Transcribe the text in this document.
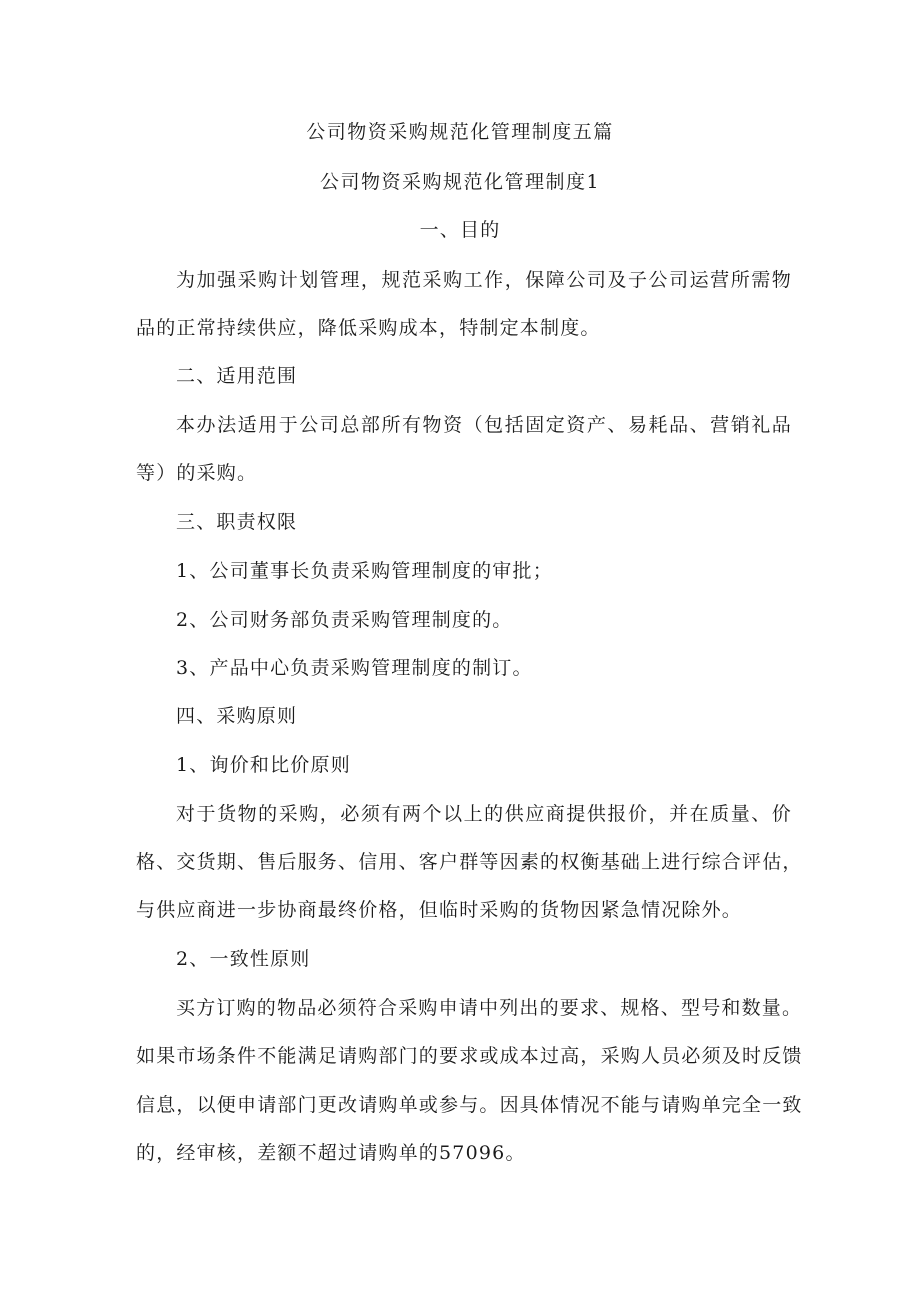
公司物资采购规范化管理制度五篇
公司物资采购规范化管理制度1
一、目的
为加强采购计划管理，规范采购工作，保障公司及子公司运营所需物
品的正常持续供应，降低采购成本，特制定本制度。
二、适用范围
本办法适用于公司总部所有物资（包括固定资产、易耗品、营销礼品
等）的采购。
三、职责权限
1、公司董事长负责采购管理制度的审批；
2、公司财务部负责采购管理制度的。
3、产品中心负责采购管理制度的制订。
四、采购原则
1、询价和比价原则
对于货物的采购，必须有两个以上的供应商提供报价，并在质量、价
格、交货期、售后服务、信用、客户群等因素的权衡基础上进行综合评估，
与供应商进一步协商最终价格，但临时采购的货物因紧急情况除外。
2、一致性原则
买方订购的物品必须符合采购申请中列出的要求、规格、型号和数量。
如果市场条件不能满足请购部门的要求或成本过高，采购人员必须及时反馈
信息，以便申请部门更改请购单或参与。因具体情况不能与请购单完全一致
的，经审核，差额不超过请购单的57096。
